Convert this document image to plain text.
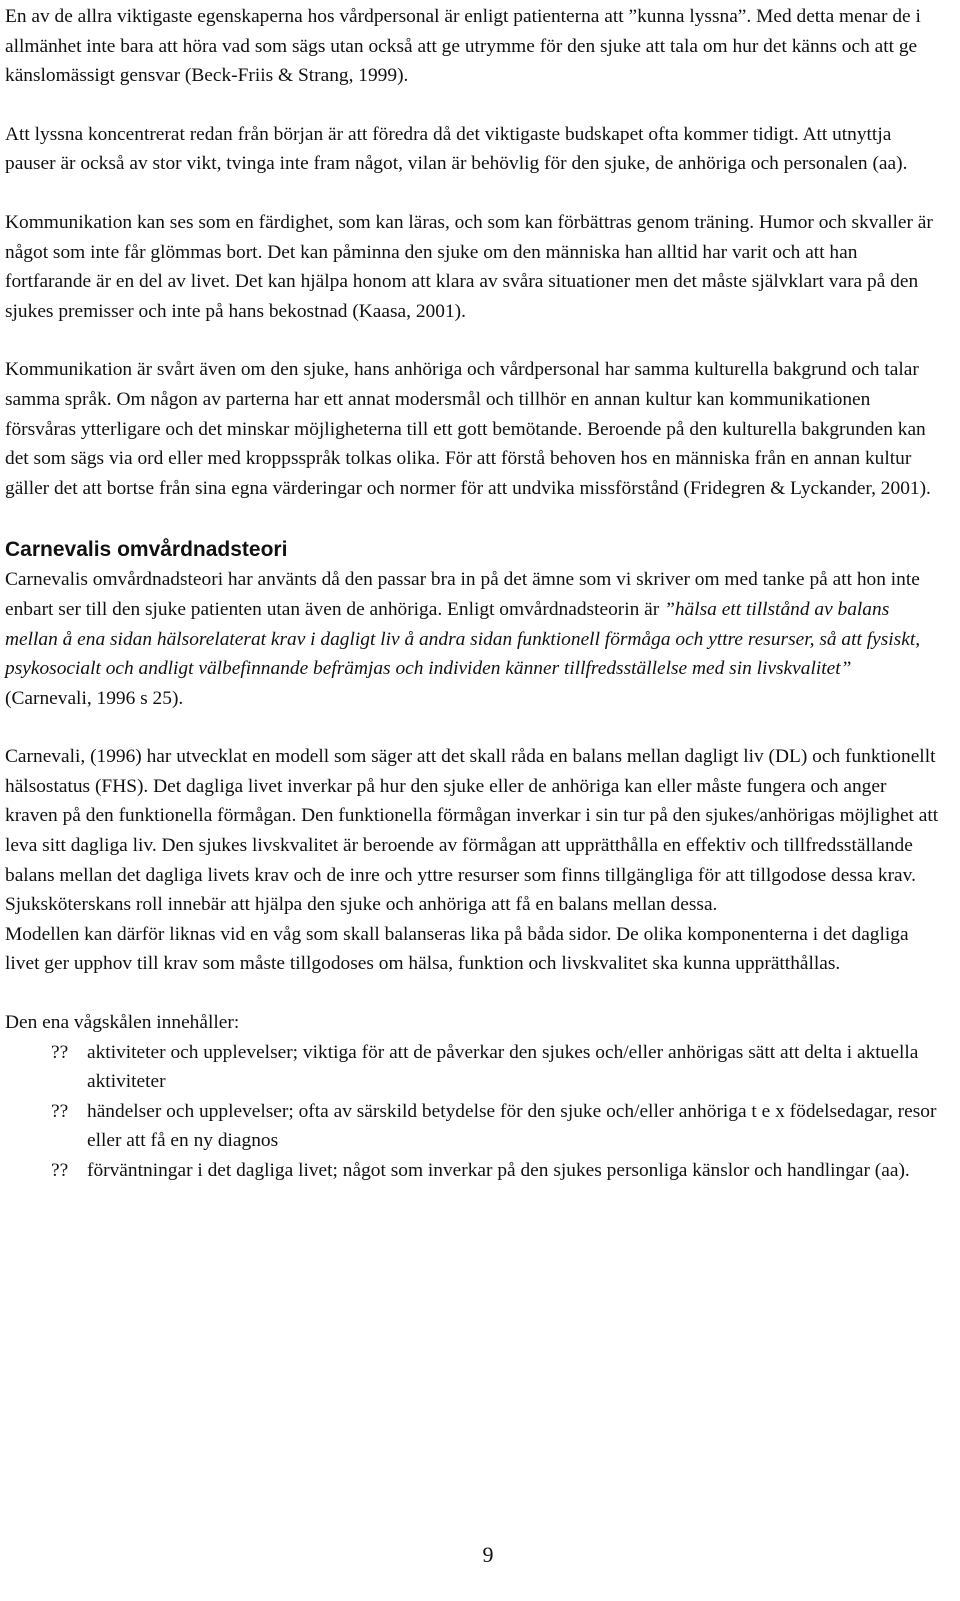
En av de allra viktigaste egenskaperna hos vårdpersonal är enligt patienterna att ”kunna lyssna”. Med detta menar de i allmänhet inte bara att höra vad som sägs utan också att ge utrymme för den sjuke att tala om hur det känns och att ge känslomässigt gensvar (Beck-Friis & Strang, 1999).

Att lyssna koncentrerat redan från början är att föredra då det viktigaste budskapet ofta kommer tidigt. Att utnyttja pauser är också av stor vikt, tvinga inte fram något, vilan är behövlig för den sjuke, de anhöriga och personalen (aa).

Kommunikation kan ses som en färdighet, som kan läras, och som kan förbättras genom träning. Humor och skvaller är något som inte får glömmas bort. Det kan påminna den sjuke om den människa han alltid har varit och att han fortfarande är en del av livet. Det kan hjälpa honom att klara av svåra situationer men det måste självklart vara på den sjukes premisser och inte på hans bekostnad (Kaasa, 2001).

Kommunikation är svårt även om den sjuke, hans anhöriga och vårdpersonal har samma kulturella bakgrund och talar samma språk. Om någon av parterna har ett annat modersmål och tillhör en annan kultur kan kommunikationen försvåras ytterligare och det minskar möjligheterna till ett gott bemötande. Beroende på den kulturella bakgrunden kan det som sägs via ord eller med kroppsspråk tolkas olika. För att förstå behoven hos en människa från en annan kultur gäller det att bortse från sina egna värderingar och normer för att undvika missförstånd (Fridegren & Lyckander, 2001).

Carnevalis omvårdnadsteori

Carnevalis omvårdnadsteori har använts då den passar bra in på det ämne som vi skriver om med tanke på att hon inte enbart ser till den sjuke patienten utan även de anhöriga. Enligt omvårdnadsteorin är ”hälsa ett tillstånd av balans mellan å ena sidan hälsorelaterat krav i dagligt liv å andra sidan funktionell förmåga och yttre resurser, så att fysiskt, psykosocialt och andligt välbefinnande befrämjas och individen känner tillfredsställelse med sin livskvalitet” (Carnevali, 1996 s 25).

Carnevali, (1996) har utvecklat en modell som säger att det skall råda en balans mellan dagligt liv (DL) och funktionellt hälsostatus (FHS). Det dagliga livet inverkar på hur den sjuke eller de anhöriga kan eller måste fungera och anger kraven på den funktionella förmågan. Den funktionella förmågan inverkar i sin tur på den sjukes/anhörigas möjlighet att leva sitt dagliga liv. Den sjukes livskvalitet är beroende av förmågan att upprätthålla en effektiv och tillfredsställande balans mellan det dagliga livets krav och de inre och yttre resurser som finns tillgängliga för att tillgodose dessa krav. Sjuksköterskans roll innebär att hjälpa den sjuke och anhöriga att få en balans mellan dessa.

Modellen kan därför liknas vid en våg som skall balanseras lika på båda sidor. De olika komponenterna i det dagliga livet ger upphov till krav som måste tillgodoses om hälsa, funktion och livskvalitet ska kunna upprätthållas.

Den ena vågskålen innehåller:

?? aktiviteter och upplevelser; viktiga för att de påverkar den sjukes och/eller anhörigas sätt att delta i aktuella aktiviteter
?? händelser och upplevelser; ofta av särskild betydelse för den sjuke och/eller anhöriga t e x födelsedagar, resor eller att få en ny diagnos
?? förväntningar i det dagliga livet; något som inverkar på den sjukes personliga känslor och handlingar (aa).
9
